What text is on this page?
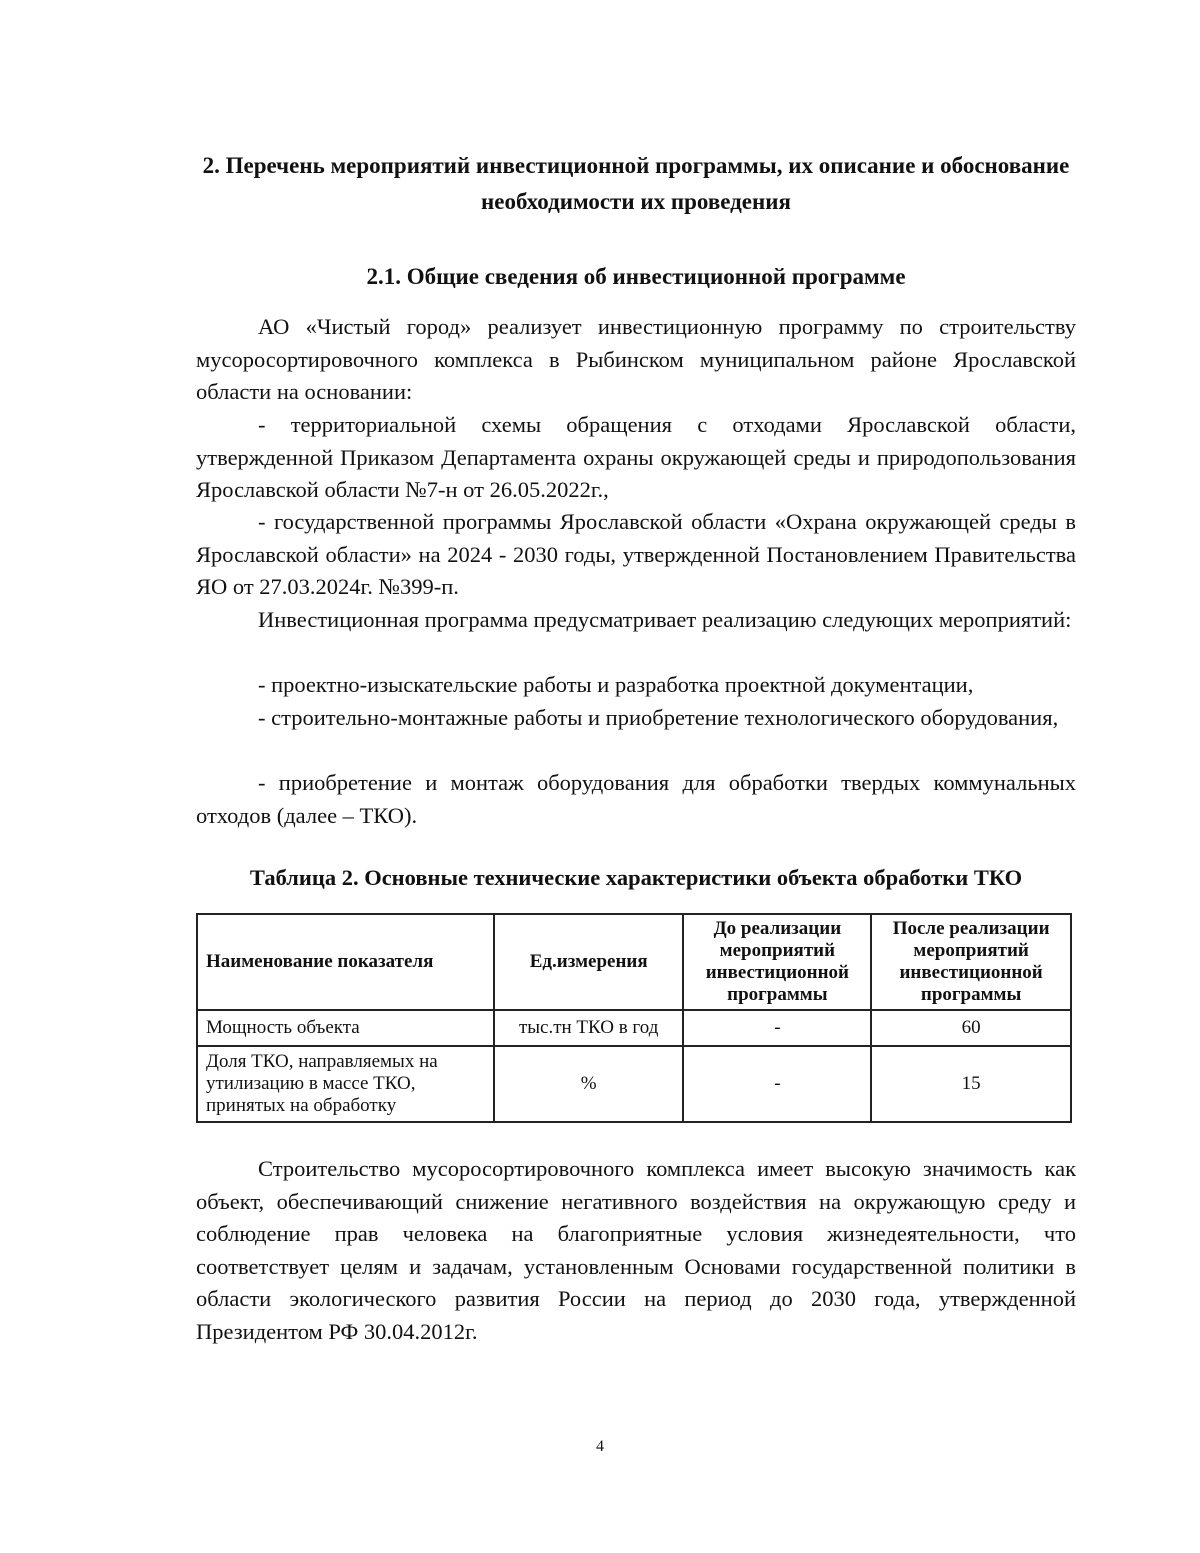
2. Перечень мероприятий инвестиционной программы, их описание и обоснование необходимости их проведения
2.1. Общие сведения об инвестиционной программе
АО «Чистый город» реализует инвестиционную программу по строительству мусоросортировочного комплекса в Рыбинском муниципальном районе Ярославской области на основании:
- территориальной схемы обращения с отходами Ярославской области, утвержденной Приказом Департамента охраны окружающей среды и природопользования Ярославской области №7-н от 26.05.2022г.,
- государственной программы Ярославской области «Охрана окружающей среды в Ярославской области» на 2024 - 2030 годы, утвержденной Постановлением Правительства ЯО от 27.03.2024г. №399-п.
Инвестиционная программа предусматривает реализацию следующих мероприятий:
- проектно-изыскательские работы и разработка проектной документации,
- строительно-монтажные работы и приобретение технологического оборудования,
- приобретение и монтаж оборудования для обработки твердых коммунальных отходов (далее – ТКО).
Таблица 2. Основные технические характеристики объекта обработки ТКО
Наименование показателя	Ед.измерения	До реализации мероприятий инвестиционной программы	После реализации мероприятий инвестиционной программы
Мощность объекта	тыс.тн ТКО в год	-	60
Доля ТКО, направляемых на утилизацию в массе ТКО, принятых на обработку	%	-	15
Строительство мусоросортировочного комплекса имеет высокую значимость как объект, обеспечивающий снижение негативного воздействия на окружающую среду и соблюдение прав человека на благоприятные условия жизнедеятельности, что соответствует целям и задачам, установленным Основами государственной политики в области экологического развития России на период до 2030 года, утвержденной Президентом РФ 30.04.2012г.
4
